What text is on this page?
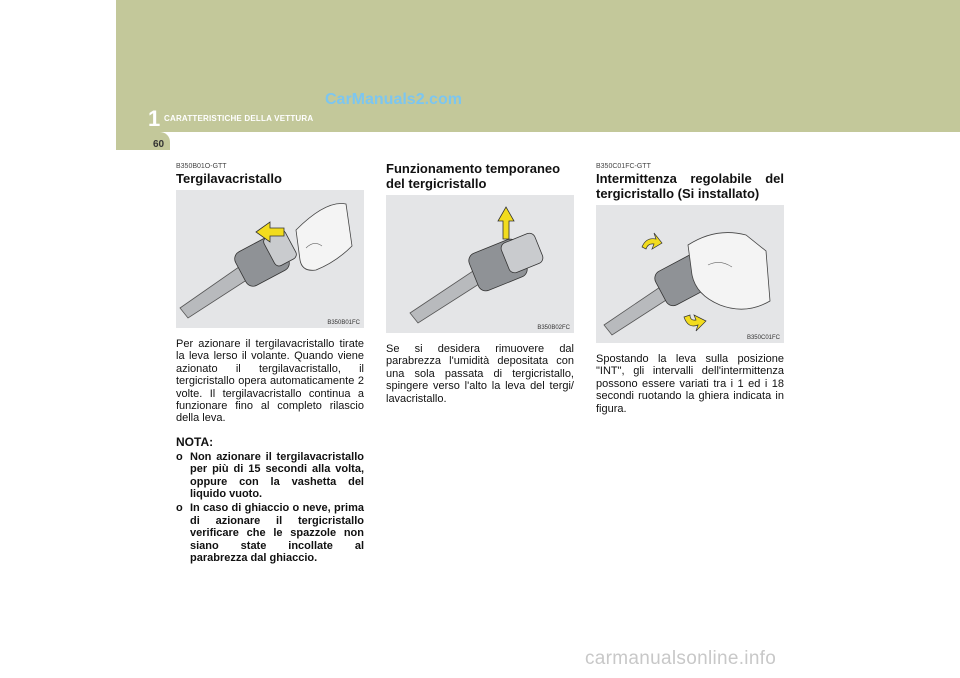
CarManuals2.com
1 CARATTERISTICHE DELLA VETTURA
60
B350B01O-GTT
Tergilavacristallo
B350B01FC
Per azionare il tergilavacristallo tirate la leva lerso il volante. Quando viene azionato il tergilavacristallo, il tergicristallo opera automaticamente 2 volte. Il tergilavacristallo continua a funzionare fino al completo rilascio della leva.
NOTA:
o Non azionare il tergilavacristallo per più di 15 secondi alla volta, oppure con la vashetta del liquido vuoto.
o In caso di ghiaccio o neve, prima di azionare il tergicristallo verificare che le spazzole non siano state incollate al parabrezza dal ghiaccio.
Funzionamento temporaneo del tergicristallo
B350B02FC
Se si desidera rimuovere dal parabrezza l'umidità depositata con una sola passata di tergicristallo, spingere verso l'alto la leva del tergi/ lavacristallo.
B350C01FC-GTT
Intermittenza regolabile del tergicristallo (Si installato)
B350C01FC
Spostando la leva sulla posizione "INT", gli intervalli dell'intermittenza possono essere variati tra i 1 ed i 18 secondi ruotando la ghiera indicata in figura.
carmanualsonline.info
